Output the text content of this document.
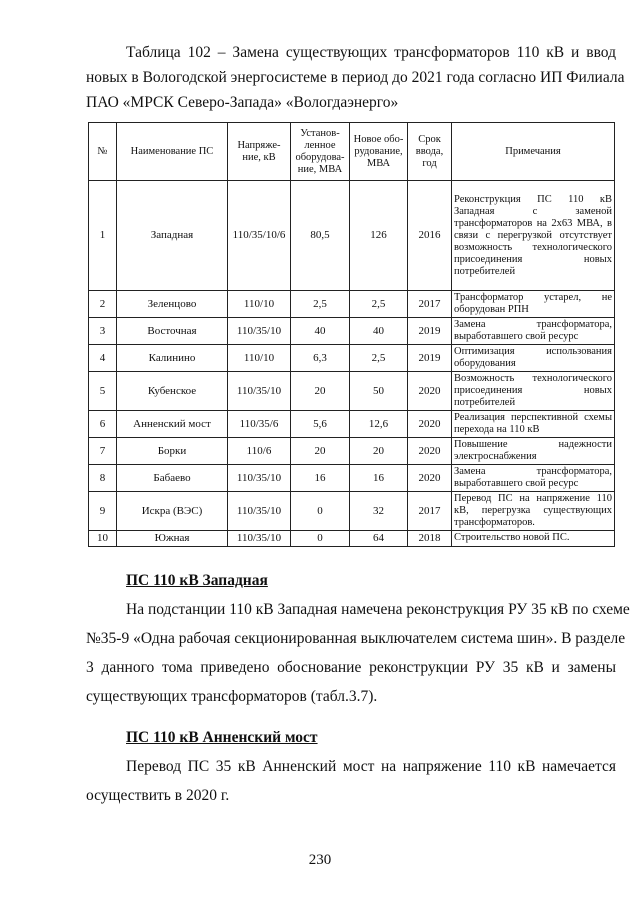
Таблица 102 – Замена существующих трансформаторов 110 кВ и ввод
новых в Вологодской энергосистеме в период до 2021 года согласно ИП Филиала
ПАО «МРСК Северо-Запада» «Вологдаэнерго»
№	Наименование ПС	Напряже-ние, кВ	Установ-ленное оборудова-ние, МВА	Новое обо-рудование, МВА	Срок ввода, год	Примечания
1	Западная	110/35/10/6	80,5	126	2016	Реконструкция ПС 110 кВ Западная с заменой трансформаторов на 2х63 МВА, в связи с перегрузкой отсутствует возможность технологического присоединения новых потребителей
2	Зеленцово	110/10	2,5	2,5	2017	Трансформатор устарел, не оборудован РПН
3	Восточная	110/35/10	40	40	2019	Замена трансформатора, выработавшего свой ресурс
4	Калинино	110/10	6,3	2,5	2019	Оптимизация использования оборудования
5	Кубенское	110/35/10	20	50	2020	Возможность технологического присоединения новых потребителей
6	Анненский мост	110/35/6	5,6	12,6	2020	Реализация перспективной схемы перехода на 110 кВ
7	Борки	110/6	20	20	2020	Повышение надежности электроснабжения
8	Бабаево	110/35/10	16	16	2020	Замена трансформатора, выработавшего свой ресурс
9	Искра (ВЭС)	110/35/10	0	32	2017	Перевод ПС на напряжение 110 кВ, перегрузка существующих трансформаторов.
10	Южная	110/35/10	0	64	2018	Строительство новой ПС.

ПС 110 кВ Западная

На подстанции 110 кВ Западная намечена реконструкция РУ 35 кВ по схеме
№35-9 «Одна рабочая секционированная выключателем система шин». В разделе
3 данного тома приведено обоснование реконструкции РУ 35 кВ и замены
существующих трансформаторов (табл.3.7).

ПС 110 кВ Анненский мост

Перевод ПС 35 кВ Анненский мост на напряжение 110 кВ намечается
осуществить в 2020 г.

230
